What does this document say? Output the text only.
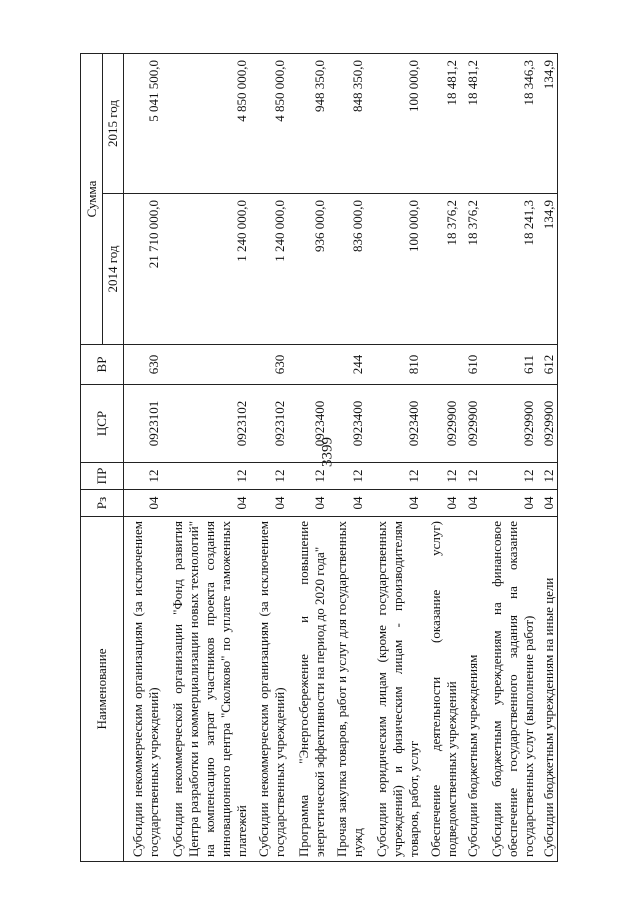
3399
Наименование	Рз	ПР	ЦСР	ВР	Сумма	
					2014 год	2015 год
Субсидии некоммерческим организациям (за исключением государственных учреждений)	04	12	0923101	630	21 710 000,0	5 041 500,0
Субсидии некоммерческой организации "Фонд развития Центра разработки и коммерциализации новых технологий" на компенсацию затрат участников проекта создания инновационного центра "Сколково" по уплате таможенных платежей	04	12	0923102		1 240 000,0	4 850 000,0
Субсидии некоммерческим организациям (за исключением государственных учреждений)	04	12	0923102	630	1 240 000,0	4 850 000,0
Программа "Энергосбережение и повышение энергетической эффективности на период до 2020 года"	04	12	0923400		936 000,0	948 350,0
Прочая закупка товаров, работ и услуг для государственных нужд	04	12	0923400	244	836 000,0	848 350,0
Субсидии юридическим лицам (кроме государственных учреждений) и физическим лицам - производителям товаров, работ, услуг	04	12	0923400	810	100 000,0	100 000,0
Обеспечение деятельности (оказание услуг) подведомственных учреждений	04	12	0929900		18 376,2	18 481,2
Субсидии бюджетным учреждениям	04	12	0929900	610	18 376,2	18 481,2
Субсидии бюджетным учреждениям на финансовое обеспечение государственного задания на оказание государственных услуг (выполнение работ)	04	12	0929900	611	18 241,3	18 346,3
Субсидии бюджетным учреждениям на иные цели	04	12	0929900	612	134,9	134,9
